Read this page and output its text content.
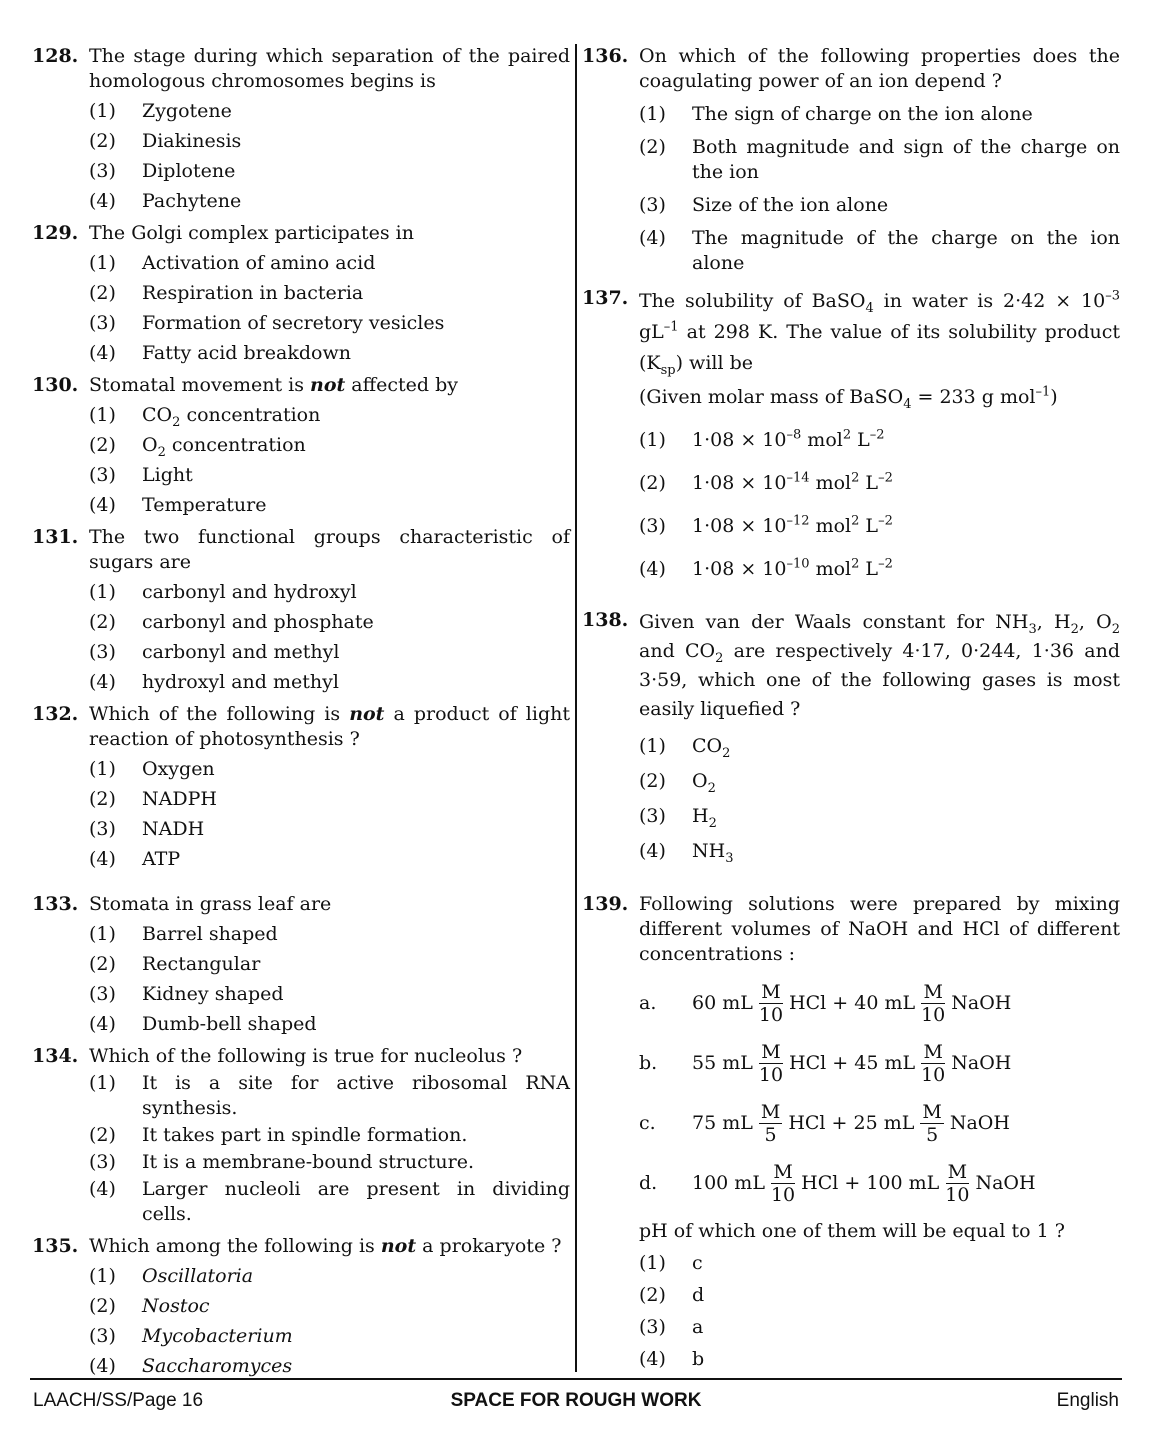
128. The stage during which separation of the paired homologous chromosomes begins is
(1)	Zygotene
(2)	Diakinesis
(3)	Diplotene
(4)	Pachytene
129. The Golgi complex participates in
(1)	Activation of amino acid
(2)	Respiration in bacteria
(3)	Formation of secretory vesicles
(4)	Fatty acid breakdown
130. Stomatal movement is not affected by
(1)	$CO_2$ concentration
(2)	$O_2$ concentration
(3)	Light
(4)	Temperature
131. The two functional groups characteristic of sugars are
(1)	carbonyl and hydroxyl
(2)	carbonyl and phosphate
(3)	carbonyl and methyl
(4)	hydroxyl and methyl
132. Which of the following is not a product of light reaction of photosynthesis ?
(1)	Oxygen
(2)	NADPH
(3)	NADH
(4)	ATP
133. Stomata in grass leaf are
(1)	Barrel shaped
(2)	Rectangular
(3)	Kidney shaped
(4)	Dumb-bell shaped
134. Which of the following is true for nucleolus ?
(1)	It is a site for active ribosomal RNA synthesis.
(2)	It takes part in spindle formation.
(3)	It is a membrane-bound structure.
(4)	Larger nucleoli are present in dividing cells.
135. Which among the following is not a prokaryote ?
(1)	Oscillatoria
(2)	Nostoc
(3)	Mycobacterium
(4)	Saccharomyces
136. On which of the following properties does the coagulating power of an ion depend ?
(1)	The sign of charge on the ion alone
(2)	Both magnitude and sign of the charge on the ion
(3)	Size of the ion alone
(4)	The magnitude of the charge on the ion alone
137. The solubility of BaSO$_4$ in water is $2\cdot 42 \times 10^{-3}$ $gL^{-1}$ at 298 K. The value of its solubility product $(K_{sp})$ will be
(Given molar mass of BaSO$_4$ = 233 g mol$^{-1}$)
(1)	$1\cdot 08 \times 10^{-8}$ mol$^2$ $L^{-2}$
(2)	$1\cdot 08 \times 10^{-14}$ mol$^2$ $L^{-2}$
(3)	$1\cdot 08 \times 10^{-12}$ mol$^2$ $L^{-2}$
(4)	$1\cdot 08 \times 10^{-10}$ mol$^2$ $L^{-2}$
138. Given van der Waals constant for $NH_3$, $H_2$, $O_2$ and $CO_2$ are respectively 4·17, 0·244, 1·36 and 3·59, which one of the following gases is most easily liquefied ?
(1)	$CO_2$
(2)	$O_2$
(3)	$H_2$
(4)	$NH_3$
139. Following solutions were prepared by mixing different volumes of NaOH and HCl of different concentrations :
a.	60 mL $\frac{M}{10}$ HCl + 40 mL $\frac{M}{10}$ NaOH
b.	55 mL $\frac{M}{10}$ HCl + 45 mL $\frac{M}{10}$ NaOH
c.	75 mL $\frac{M}{5}$ HCl + 25 mL $\frac{M}{5}$ NaOH
d.	100 mL $\frac{M}{10}$ HCl + 100 mL $\frac{M}{10}$ NaOH
pH of which one of them will be equal to 1 ?
(1)	c
(2)	d
(3)	a
(4)	b
LAACH/SS/Page 16	SPACE FOR ROUGH WORK	English
